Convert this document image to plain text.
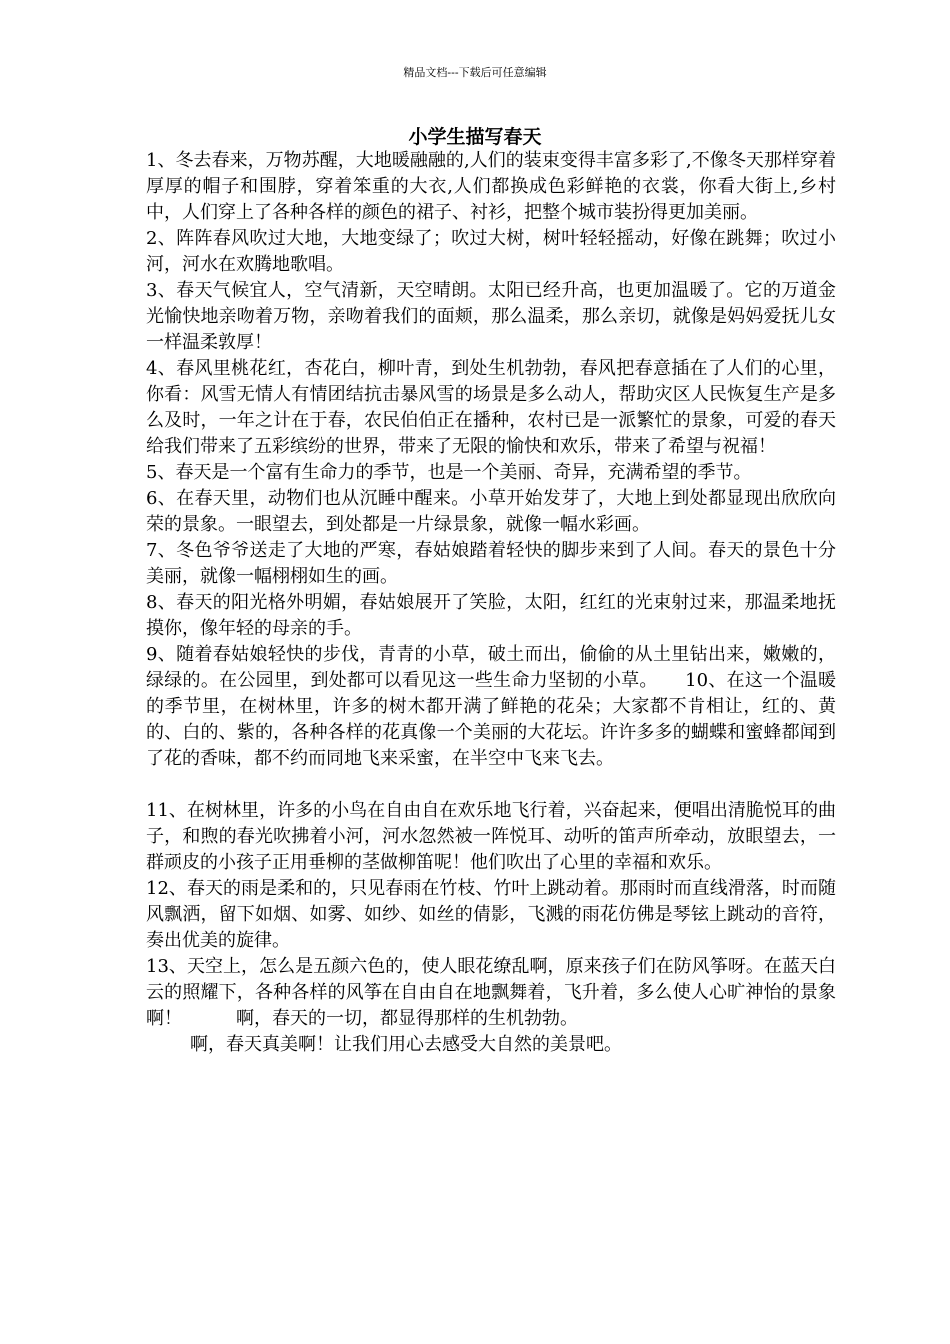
精品文档---下载后可任意编辑
小学生描写春天

1、冬去春来，万物苏醒，大地暖融融的,人们的装束变得丰富多彩了,不像冬天那样穿着厚厚的帽子和围脖，穿着笨重的大衣,人们都换成色彩鲜艳的衣裳，你看大街上,乡村中，人们穿上了各种各样的颜色的裙子、衬衫，把整个城市装扮得更加美丽。

2、阵阵春风吹过大地，大地变绿了；吹过大树，树叶轻轻摇动，好像在跳舞；吹过小河，河水在欢腾地歌唱。

3、春天气候宜人，空气清新，天空晴朗。太阳已经升高，也更加温暖了。它的万道金光愉快地亲吻着万物，亲吻着我们的面颊，那么温柔，那么亲切，就像是妈妈爱抚儿女一样温柔敦厚！

4、春风里桃花红，杏花白，柳叶青，到处生机勃勃，春风把春意插在了人们的心里，你看：风雪无情人有情团结抗击暴风雪的场景是多么动人，帮助灾区人民恢复生产是多么及时，一年之计在于春，农民伯伯正在播种，农村已是一派繁忙的景象，可爱的春天给我们带来了五彩缤纷的世界，带来了无限的愉快和欢乐，带来了希望与祝福！

5、春天是一个富有生命力的季节，也是一个美丽、奇异，充满希望的季节。

6、在春天里，动物们也从沉睡中醒来。小草开始发芽了，大地上到处都显现出欣欣向荣的景象。一眼望去，到处都是一片绿景象，就像一幅水彩画。

7、冬色爷爷送走了大地的严寒，春姑娘踏着轻快的脚步来到了人间。春天的景色十分美丽，就像一幅栩栩如生的画。

8、春天的阳光格外明媚，春姑娘展开了笑脸，太阳，红红的光束射过来，那温柔地抚摸你，像年轻的母亲的手。

9、随着春姑娘轻快的步伐，青青的小草，破土而出，偷偷的从土里钻出来，嫩嫩的，绿绿的。在公园里，到处都可以看见这一些生命力坚韧的小草。　　10、在这一个温暖的季节里，在树林里，许多的树木都开满了鲜艳的花朵；大家都不肯相让，红的、黄的、白的、紫的，各种各样的花真像一个美丽的大花坛。许许多多的蝴蝶和蜜蜂都闻到了花的香味，都不约而同地飞来采蜜，在半空中飞来飞去。

11、在树林里，许多的小鸟在自由自在欢乐地飞行着，兴奋起来，便唱出清脆悦耳的曲子，和煦的春光吹拂着小河，河水忽然被一阵悦耳、动听的笛声所牵动，放眼望去，一群顽皮的小孩子正用垂柳的茎做柳笛呢！他们吹出了心里的幸福和欢乐。

12、春天的雨是柔和的，只见春雨在竹枝、竹叶上跳动着。那雨时而直线滑落，时而随风飘洒，留下如烟、如雾、如纱、如丝的倩影，飞溅的雨花仿佛是琴铉上跳动的音符，奏出优美的旋律。

13、天空上，怎么是五颜六色的，使人眼花缭乱啊，原来孩子们在防风筝呀。在蓝天白云的照耀下，各种各样的风筝在自由自在地飘舞着，飞升着，多么使人心旷神怡的景象啊！　　　啊，春天的一切，都显得那样的生机勃勃。

啊，春天真美啊！让我们用心去感受大自然的美景吧。
